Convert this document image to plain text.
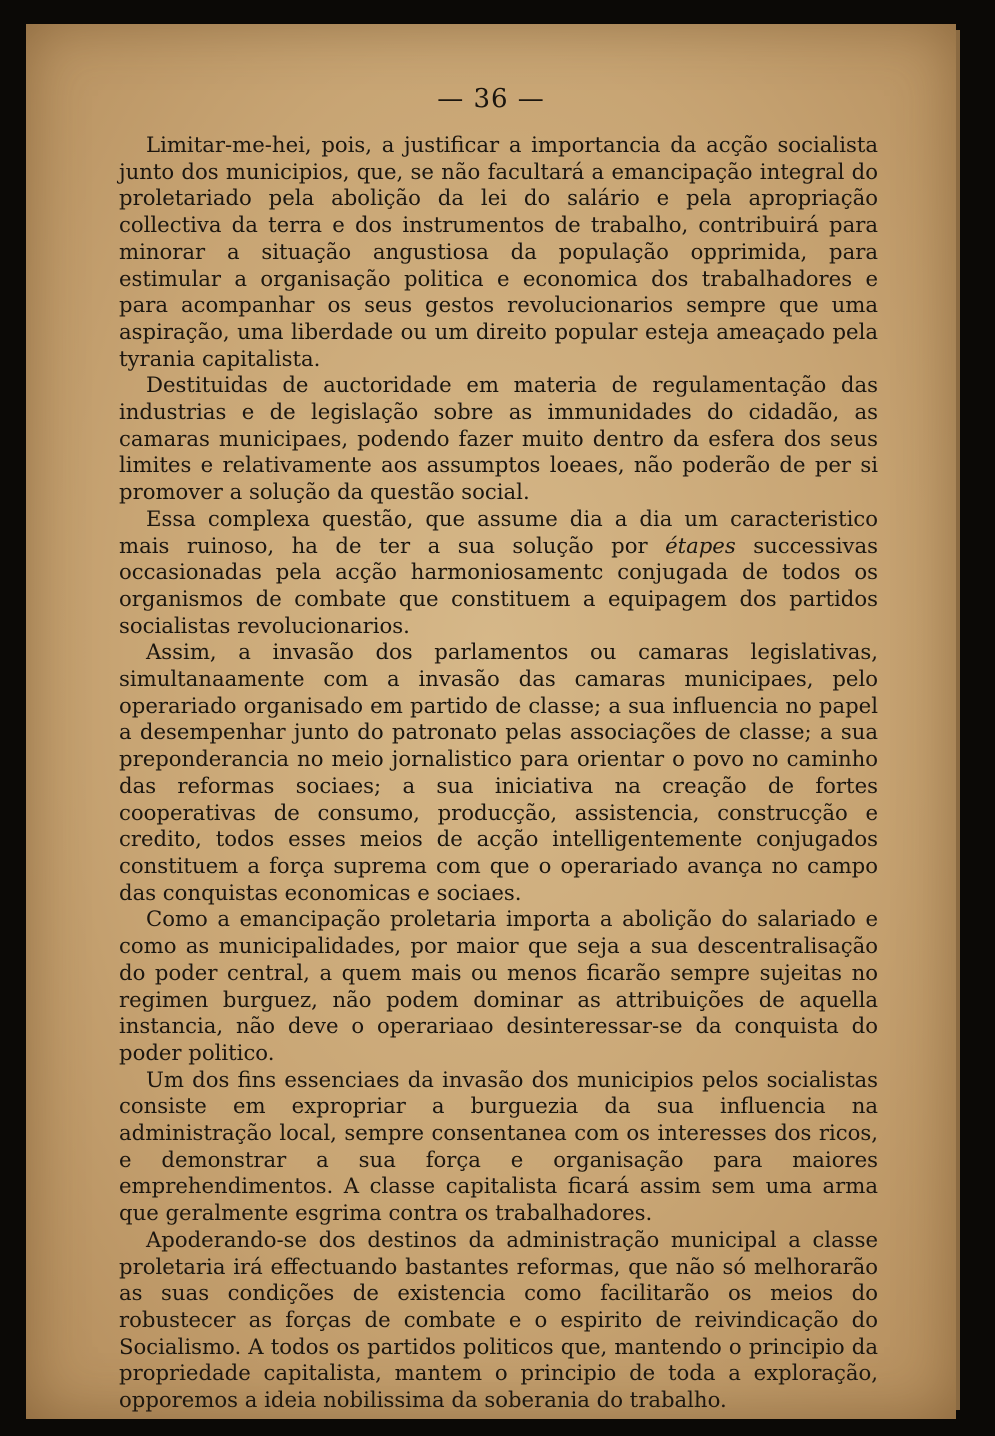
— 36 —

Limitar-me-hei, pois, a justificar a importancia da acção socialista junto dos municipios, que, se não facultará a emancipação integral do proletariado pela abolição da lei do salário e pela apropriação collectiva da terra e dos instrumentos de trabalho, contribuirá para minorar a situação angustiosa da população opprimida, para estimular a organisação politica e economica dos trabalhadores e para acompanhar os seus gestos revolucionarios sempre que uma aspiração, uma liberdade ou um direito popular esteja ameaçado pela tyrania capitalista.

Destituidas de auctoridade em materia de regulamentação das industrias e de legislação sobre as immunidades do cidadão, as camaras municipaes, podendo fazer muito dentro da esfera dos seus limites e relativamente aos assumptos loeaes, não poderão de per si promover a solução da questão social.

Essa complexa questão, que assume dia a dia um caracteristico mais ruinoso, ha de ter a sua solução por étapes successivas occasionadas pela acção harmoniosamentc conjugada de todos os organismos de combate que constituem a equipagem dos partidos socialistas revolucionarios.

Assim, a invasão dos parlamentos ou camaras legislativas, simultanaamente com a invasão das camaras municipaes, pelo operariado organisado em partido de classe; a sua influencia no papel a desempenhar junto do patronato pelas associações de classe; a sua preponderancia no meio jornalistico para orientar o povo no caminho das reformas sociaes; a sua iniciativa na creação de fortes cooperativas de consumo, producção, assistencia, construcção e credito, todos esses meios de acção intelligentemente conjugados constituem a força suprema com que o operariado avança no campo das conquistas economicas e sociaes.

Como a emancipação proletaria importa a abolição do salariado e como as municipalidades, por maior que seja a sua descentralisação do poder central, a quem mais ou menos ficarão sempre sujeitas no regimen burguez, não podem dominar as attribuições de aquella instancia, não deve o operariaao desinteressar-se da conquista do poder politico.

Um dos fins essenciaes da invasão dos municipios pelos socialistas consiste em expropriar a burguezia da sua influencia na administração local, sempre consentanea com os interesses dos ricos, e demonstrar a sua força e organisação para maiores emprehendimentos. A classe capitalista ficará assim sem uma arma que geralmente esgrima contra os trabalhadores.

Apoderando-se dos destinos da administração municipal a classe proletaria irá effectuando bastantes reformas, que não só melhorarão as suas condições de existencia como facilitarão os meios do robustecer as forças de combate e o espirito de reivindicação do Socialismo. A todos os partidos politicos que, mantendo o principio da propriedade capitalista, mantem o principio de toda a exploração, opporemos a ideia nobilissima da soberania do trabalho.
